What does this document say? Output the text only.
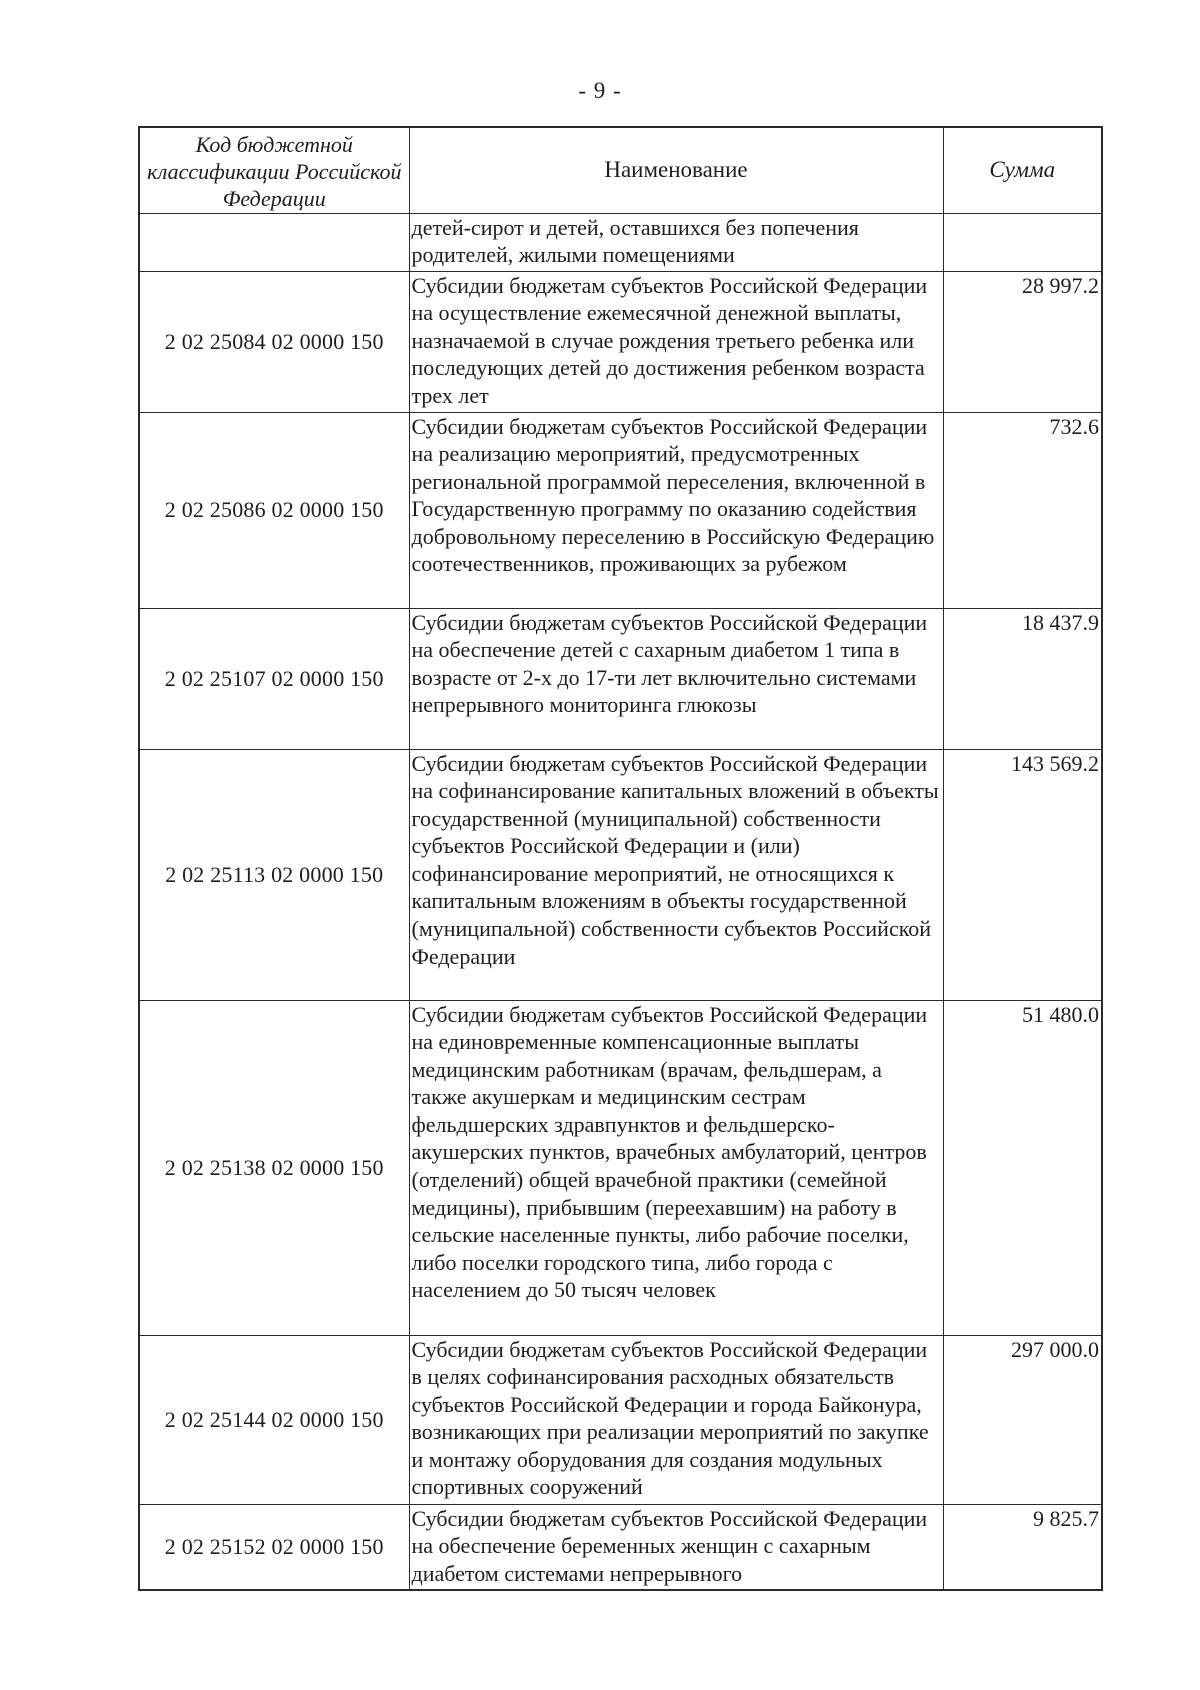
- 9 -
Код бюджетной классификации Российской Федерации	Наименование	Сумма
	детей-сирот и детей, оставшихся без попечения родителей, жилыми помещениями	
2 02 25084 02 0000 150	Субсидии бюджетам субъектов Российской Федерации на осуществление ежемесячной денежной выплаты, назначаемой в случае рождения третьего ребенка или последующих детей до достижения ребенком возраста трех лет	28 997.2
2 02 25086 02 0000 150	Субсидии бюджетам субъектов Российской Федерации на реализацию мероприятий, предусмотренных региональной программой переселения, включенной в Государственную программу по оказанию содействия добровольному переселению в Российскую Федерацию соотечественников, проживающих за рубежом	732.6
2 02 25107 02 0000 150	Субсидии бюджетам субъектов Российской Федерации на обеспечение детей с сахарным диабетом 1 типа в возрасте от 2-х до 17-ти лет включительно системами непрерывного мониторинга глюкозы	18 437.9
2 02 25113 02 0000 150	Субсидии бюджетам субъектов Российской Федерации на софинансирование капитальных вложений в объекты государственной (муниципальной) собственности субъектов Российской Федерации и (или) софинансирование мероприятий, не относящихся к капитальным вложениям в объекты государственной (муниципальной) собственности субъектов Российской Федерации	143 569.2
2 02 25138 02 0000 150	Субсидии бюджетам субъектов Российской Федерации на единовременные компенсационные выплаты медицинским работникам (врачам, фельдшерам, а также акушеркам и медицинским сестрам фельдшерских здравпунктов и фельдшерско-акушерских пунктов, врачебных амбулаторий, центров (отделений) общей врачебной практики (семейной медицины), прибывшим (переехавшим) на работу в сельские населенные пункты, либо рабочие поселки, либо поселки городского типа, либо города с населением до 50 тысяч человек	51 480.0
2 02 25144 02 0000 150	Субсидии бюджетам субъектов Российской Федерации в целях софинансирования расходных обязательств субъектов Российской Федерации и города Байконура, возникающих при реализации мероприятий по закупке и монтажу оборудования для создания модульных спортивных сооружений	297 000.0
2 02 25152 02 0000 150	Субсидии бюджетам субъектов Российской Федерации на обеспечение беременных женщин с сахарным диабетом системами непрерывного	9 825.7
